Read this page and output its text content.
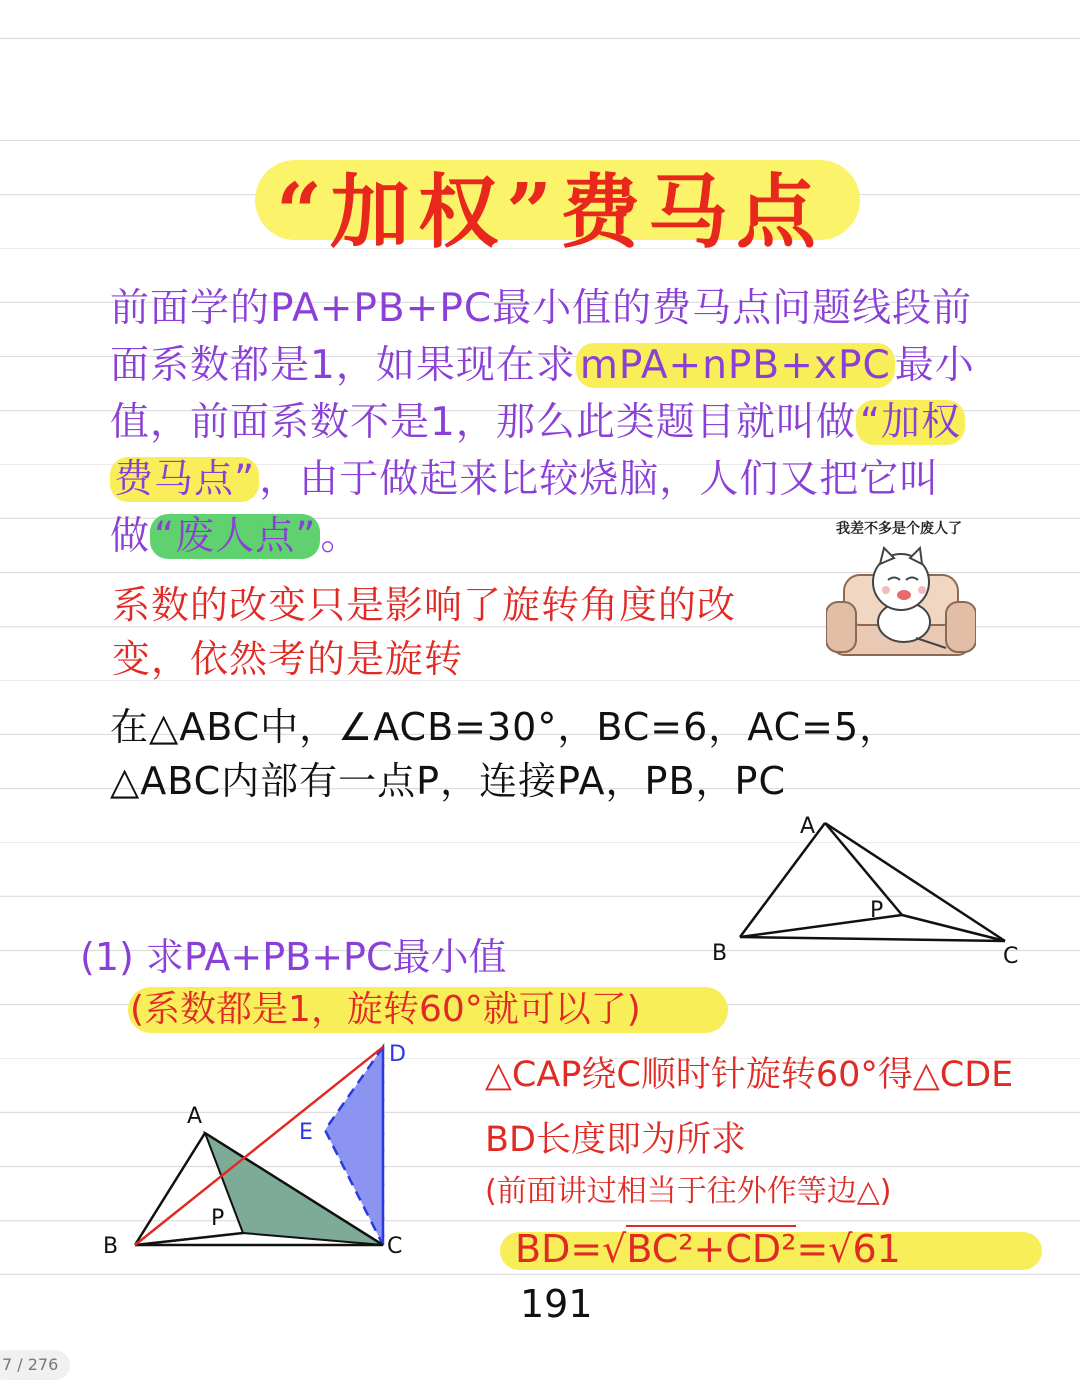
“加权”费马点
前面学的PA+PB+PC最小值的费马点问题线段前
面系数都是1，如果现在求 mPA+nPB+xPC 最小
值，前面系数不是1，那么此类题目就叫做 “加权
费马点” ，由于做起来比较烧脑，人们又把它叫
做 “废人点” 。	我差不多是个废人了
系数的改变只是影响了旋转角度的改
变，依然考的是旋转
在△ABC中，∠ACB=30°，BC=6，AC=5，
△ABC内部有一点P，连接PA，PB，PC
A
B	C
P
(1) 求PA+PB+PC最小值
(系数都是1，旋转60°就可以了)
A
B	C
P
D
E
△CAP绕C顺时针旋转60°得△CDE
BD长度即为所求
(前面讲过相当于往外作等边△)
BD=√BC²+CD²=√61
191
7 / 276
